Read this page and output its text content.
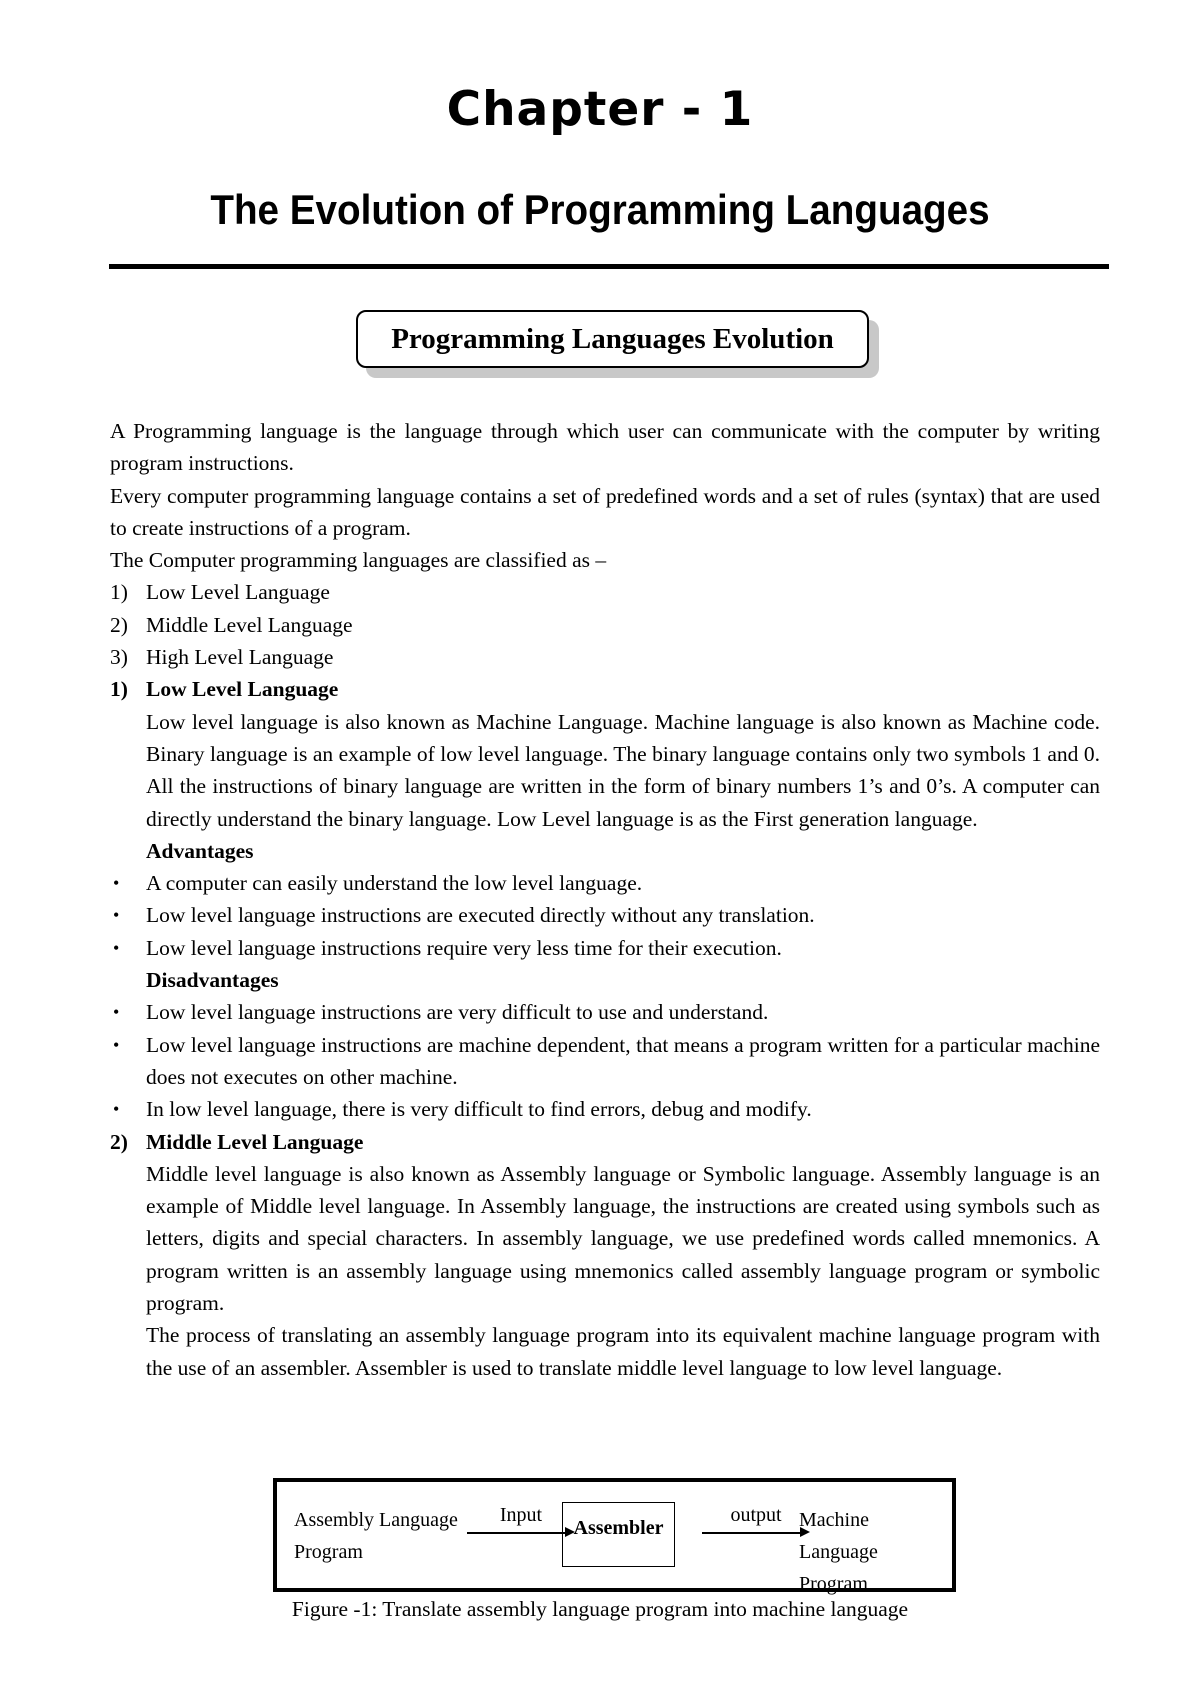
Chapter - 1
The Evolution of Programming Languages
Programming Languages Evolution

A Programming language is the language through which user can communicate with the computer by writing program instructions.

Every computer programming language contains a set of predefined words and a set of rules (syntax) that are used to create instructions of a program.

The Computer programming languages are classified as –

1) Low Level Language

2) Middle Level Language

3) High Level Language

1) Low Level Language

Low level language is also known as Machine Language. Machine language is also known as Machine code. Binary language is an example of low level language. The binary language contains only two symbols 1 and 0. All the instructions of binary language are written in the form of binary numbers 1’s and 0’s. A computer can directly understand the binary language. Low Level language is as the First generation language.

Advantages

• A computer can easily understand the low level language.

• Low level language instructions are executed directly without any translation.

• Low level language instructions require very less time for their execution.

Disadvantages

• Low level language instructions are very difficult to use and understand.

• Low level language instructions are machine dependent, that means a program written for a particular machine does not executes on other machine.

• In low level language, there is very difficult to find errors, debug and modify.

2) Middle Level Language

Middle level language is also known as Assembly language or Symbolic language. Assembly language is an example of Middle level language. In Assembly language, the instructions are created using symbols such as letters, digits and special characters. In assembly language, we use predefined words called mnemonics. A program written is an assembly language using mnemonics called assembly language program or symbolic program.

The process of translating an assembly language program into its equivalent machine language program with the use of an assembler. Assembler is used to translate middle level language to low level language.

Assembly Language
Program
Input
Assembler
output Machine Language
Program
Figure -1: Translate assembly language program into machine language
